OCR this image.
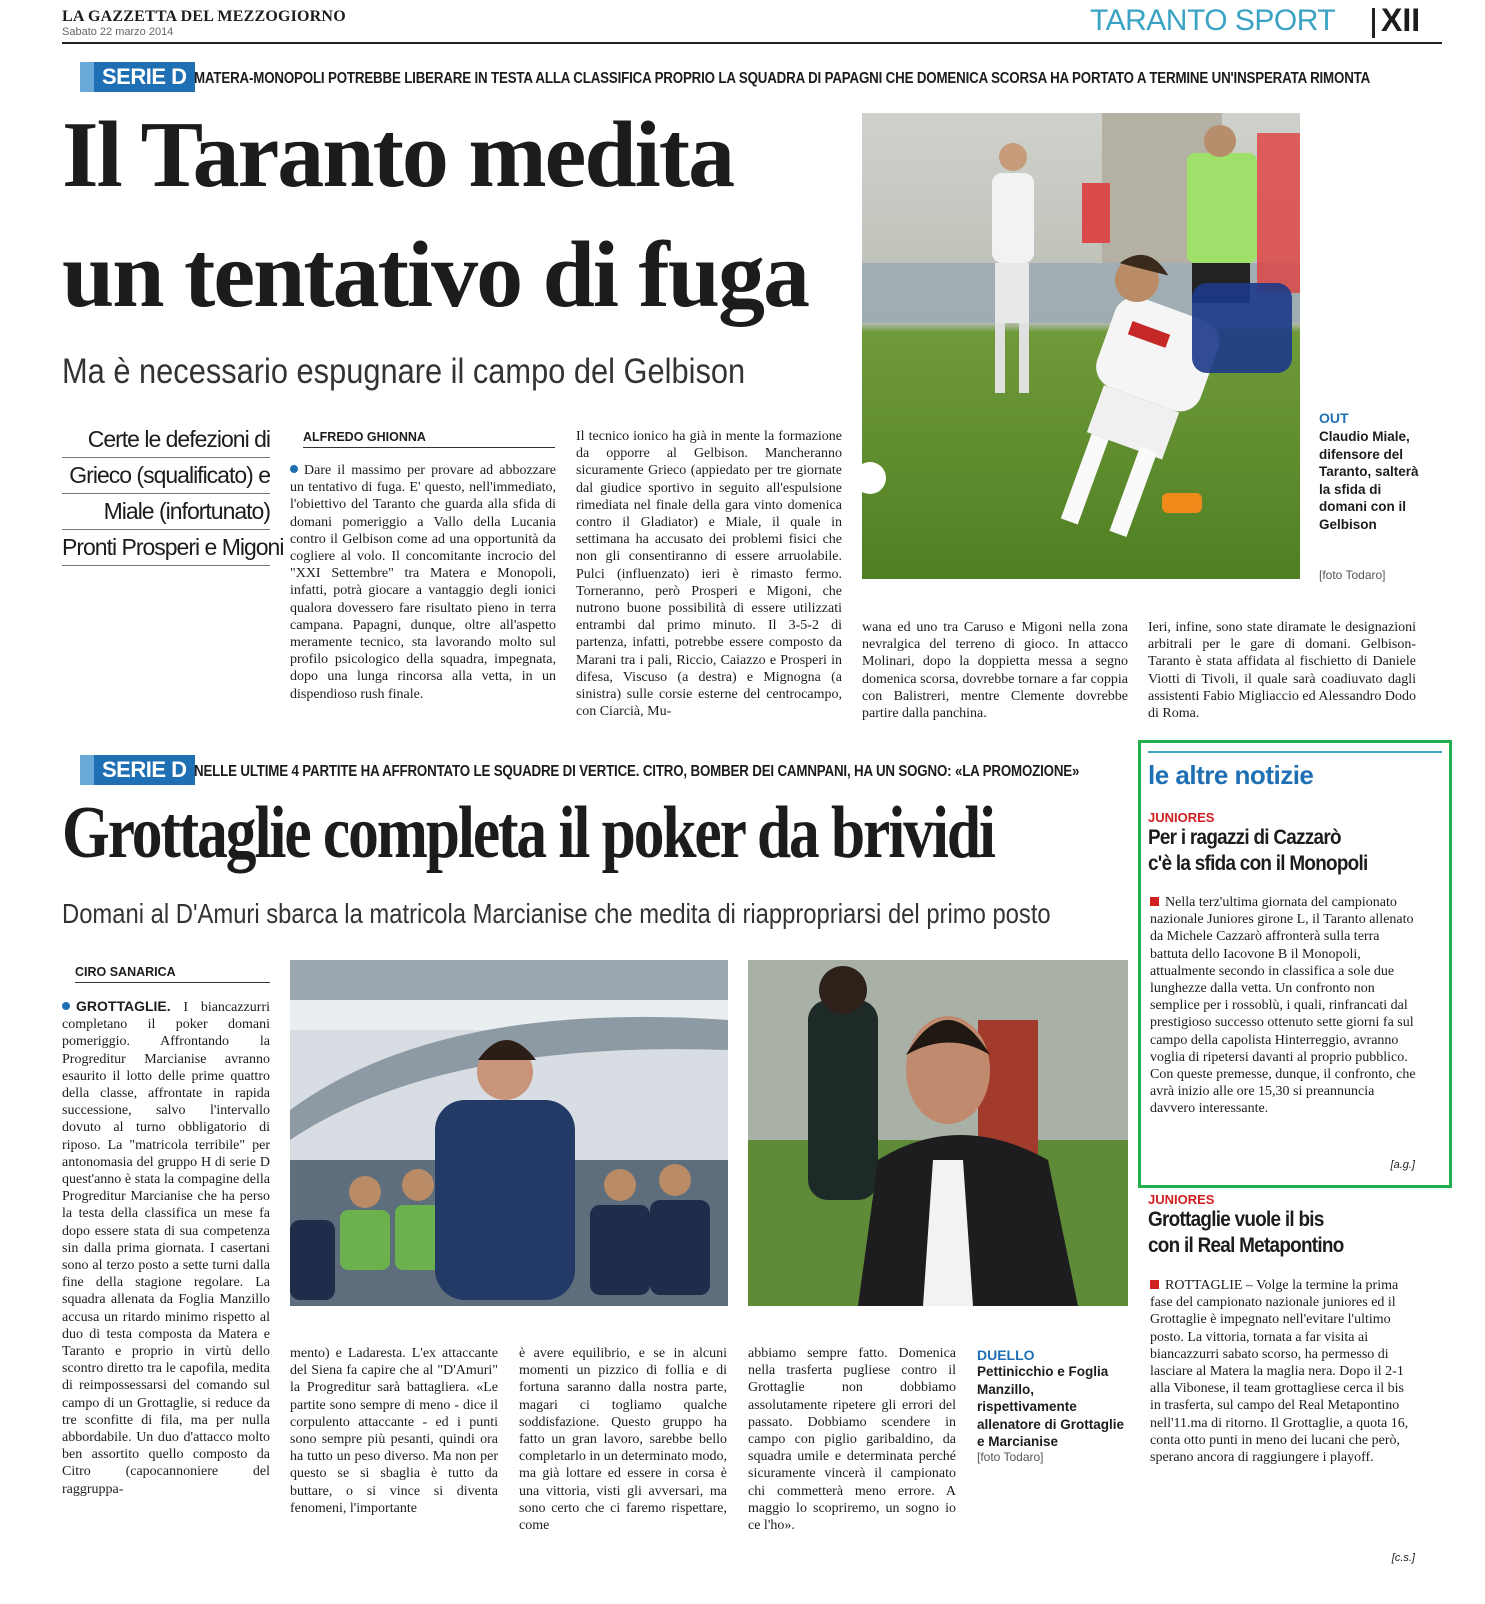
LA GAZZETTA DEL MEZZOGIORNO
Sabato 22 marzo 2014	TARANTO SPORT XII
SERIE D MATERA-MONOPOLI POTREBBE LIBERARE IN TESTA ALLA CLASSIFICA PROPRIO LA SQUADRA DI PAPAGNI CHE DOMENICA SCORSA HA PORTATO A TERMINE UN'INSPERATA RIMONTA
Il Taranto medita
un tentativo di fuga
Ma è necessario espugnare il campo del Gelbison
Certe le defezioni di
Grieco (squalificato) e
Miale (infortunato)
Pronti Prosperi e Migoni
ALFREDO GHIONNA
Dare il massimo per provare ad abbozzare un tentativo di fuga. E' questo, nell'immediato, l'obiettivo del Taranto che guarda alla sfida di domani pomeriggio a Vallo della Lucania contro il Gelbison come ad una opportunità da cogliere al volo. Il concomitante incrocio del "XXI Settembre" tra Matera e Monopoli, infatti, potrà giocare a vantaggio degli ionici qualora dovessero fare risultato pieno in terra campana. Papagni, dunque, oltre all'aspetto meramente tecnico, sta lavorando molto sul profilo psicologico della squadra, impegnata, dopo una lunga rincorsa alla vetta, in un dispendioso rush finale.
Il tecnico ionico ha già in mente la formazione da opporre al Gelbison. Mancheranno sicuramente Grieco (appiedato per tre giornate dal giudice sportivo in seguito all'espulsione rimediata nel finale della gara vinto domenica contro il Gladiator) e Miale, il quale in settimana ha accusato dei problemi fisici che non gli consentiranno di essere arruolabile. Pulci (influenzato) ieri è rimasto fermo. Torneranno, però Prosperi e Migoni, che nutrono buone possibilità di essere utilizzati entrambi dal primo minuto. Il 3-5-2 di partenza, infatti, potrebbe essere composto da Marani tra i pali, Riccio, Caiazzo e Prosperi in difesa, Viscuso (a destra) e Mignogna (a sinistra) sulle corsie esterne del centrocampo, con Ciarcià, Mu-
wana ed uno tra Caruso e Migoni nella zona nevralgica del terreno di gioco. In attacco Molinari, dopo la doppietta messa a segno domenica scorsa, dovrebbe tornare a far coppia con Balistreri, mentre Clemente dovrebbe partire dalla panchina.
Ieri, infine, sono state diramate le designazioni arbitrali per le gare di domani. Gelbison-Taranto è stata affidata al fischietto di Daniele Viotti di Tivoli, il quale sarà coadiuvato dagli assistenti Fabio Migliaccio ed Alessandro Dodo di Roma.
OUT
Claudio Miale, difensore del Taranto, salterà la sfida di domani con il Gelbison
[foto Todaro]
SERIE D NELLE ULTIME 4 PARTITE HA AFFRONTATO LE SQUADRE DI VERTICE. CITRO, BOMBER DEI CAMNPANI, HA UN SOGNO: «LA PROMOZIONE»
Grottaglie completa il poker da brividi
Domani al D'Amuri sbarca la matricola Marcianise che medita di riappropriarsi del primo posto
CIRO SANARICA
GROTTAGLIE. I biancazzurri completano il poker domani pomeriggio. Affrontando la Progreditur Marcianise avranno esaurito il lotto delle prime quattro della classe, affrontate in rapida successione, salvo l'intervallo dovuto al turno obbligatorio di riposo. La "matricola terribile" per antonomasia del gruppo H di serie D quest'anno è stata la compagine della Progreditur Marcianise che ha perso la testa della classifica un mese fa dopo essere stata di sua competenza sin dalla prima giornata. I casertani sono al terzo posto a sette turni dalla fine della stagione regolare. La squadra allenata da Foglia Manzillo accusa un ritardo minimo rispetto al duo di testa composta da Matera e Taranto e proprio in virtù dello scontro diretto tra le capofila, medita di reimpossessarsi del comando sul campo di un Grottaglie, si reduce da tre sconfitte di fila, ma per nulla abbordabile. Un duo d'attacco molto ben assortito quello composto da Citro (capocannoniere del raggruppa-
mento) e Ladaresta. L'ex attaccante del Siena fa capire che al "D'Amuri" la Progreditur sarà battagliera. «Le partite sono sempre di meno - dice il corpulento attaccante - ed i punti sono sempre più pesanti, quindi ora ha tutto un peso diverso. Ma non per questo se si sbaglia è tutto da buttare, o si vince si diventa fenomeni, l'importante
è avere equilibrio, e se in alcuni momenti un pizzico di follia e di fortuna saranno dalla nostra parte, magari ci togliamo qualche soddisfazione. Questo gruppo ha fatto un gran lavoro, sarebbe bello completarlo in un determinato modo, ma già lottare ed essere in corsa è una vittoria, visti gli avversari, ma sono certo che ci faremo rispettare, come
abbiamo sempre fatto. Domenica nella trasferta pugliese contro il Grottaglie non dobbiamo assolutamente ripetere gli errori del passato. Dobbiamo scendere in campo con piglio garibaldino, da squadra umile e determinata perché sicuramente vincerà il campionato chi commetterà meno errore. A maggio lo scopriremo, un sogno io ce l'ho».
DUELLO
Pettinicchio e Foglia Manzillo, rispettivamente allenatore di Grottaglie e Marcianise
[foto Todaro]
le altre notizie
JUNIORES
Per i ragazzi di Cazzarò
c'è la sfida con il Monopoli
Nella terz'ultima giornata del campionato nazionale Juniores girone L, il Taranto allenato da Michele Cazzarò affronterà sulla terra battuta dello Iacovone B il Monopoli, attualmente secondo in classifica a sole due lunghezze dalla vetta. Un confronto non semplice per i rossoblù, i quali, rinfrancati dal prestigioso successo ottenuto sette giorni fa sul campo della capolista Hinterreggio, avranno voglia di ripetersi davanti al proprio pubblico. Con queste premesse, dunque, il confronto, che avrà inizio alle ore 15,30 si preannuncia davvero interessante.
[a.g.]
JUNIORES
Grottaglie vuole il bis
con il Real Metapontino
ROTTAGLIE – Volge la termine la prima fase del campionato nazionale juniores ed il Grottaglie è impegnato nell'evitare l'ultimo posto. La vittoria, tornata a far visita ai biancazzurri sabato scorso, ha permesso di lasciare al Matera la maglia nera. Dopo il 2-1 alla Vibonese, il team grottagliese cerca il bis in trasferta, sul campo del Real Metapontino nell'11.ma di ritorno. Il Grottaglie, a quota 16, conta otto punti in meno dei lucani che però, sperano ancora di raggiungere i playoff.
[c.s.]
